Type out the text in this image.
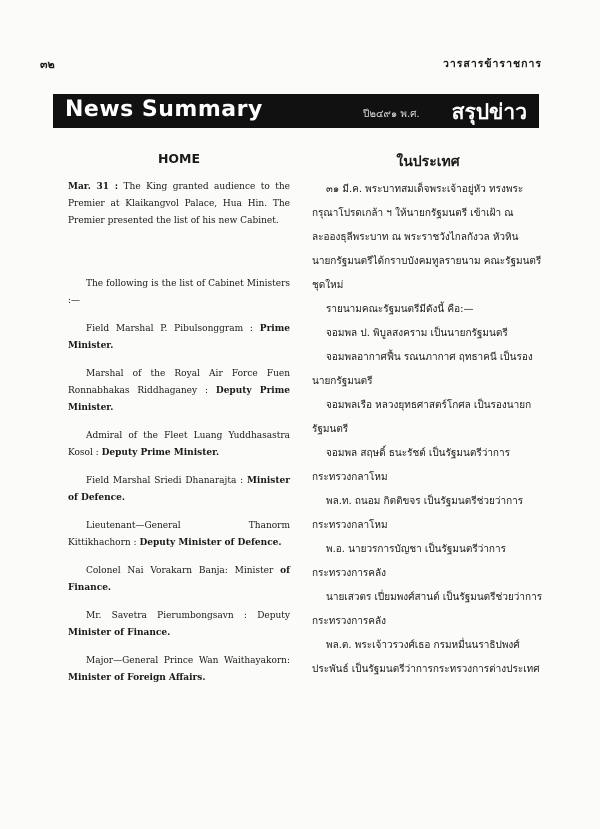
๓๒	วารสารข้าราชการ
News Summary	ปี๒๔๙๑ พ.ศ. สรุปข่าว
HOME

Mar. 31 : The King granted audience to the Premier at Klaikangvol Palace, Hua Hin. The Premier presented the list of his new Cabinet.

The following is the list of Cabinet Ministers :—

Field Marshal P. Pibulsonggram : Prime Minister.

Marshal of the Royal Air Force Fuen Ronnabhakas Riddhaganey : Deputy Prime Minister.

Admiral of the Fleet Luang Yuddhasastra Kosol : Deputy Prime Minister.

Field Marshal Sriedi Dhanarajta : Minister of Defence.

Lieutenant—General Thanorm Kittikhachorn : Deputy Minister of Defence.

Colonel Nai Vorakarn Banja: Minister of Finance.

Mr. Savetra Pierumbongsavn : Deputy Minister of Finance.

Major—General Prince Wan Waithayakorn: Minister of Foreign Affairs.

ในประเทศ

๓๑ มี.ค. พระบาทสมเด็จพระเจ้าอยู่หัว ทรงพระกรุณาโปรดเกล้า ฯ ให้นายกรัฐมนตรี เข้าเฝ้า ณ ละอองธุลีพระบาท ณ พระราชวังไกลกังวล หัวหิน นายกรัฐมนตรีได้กราบบังคมทูลรายนาม คณะรัฐมนตรีชุดใหม่

รายนามคณะรัฐมนตรีมีดังนี้ คือ:—

จอมพล ป. พิบูลสงคราม เป็นนายกรัฐมนตรี

จอมพลอากาศฟื้น รณนภากาศ ฤทธาคนี เป็นรองนายกรัฐมนตรี

จอมพลเรือ หลวงยุทธศาสตร์โกศล เป็นรองนายกรัฐมนตรี

จอมพล สฤษดิ์ ธนะรัชต์ เป็นรัฐมนตรีว่าการกระทรวงกลาโหม

พล.ท. ถนอม กิตติขจร เป็นรัฐมนตรีช่วยว่าการกระทรวงกลาโหม

พ.อ. นายวรการบัญชา เป็นรัฐมนตรีว่าการกระทรวงการคลัง

นายเสวตร เปี่ยมพงศ์สานต์ เป็นรัฐมนตรีช่วยว่าการกระทรวงการคลัง

พล.ต. พระเจ้าวรวงศ์เธอ กรมหมื่นนราธิปพงศ์ประพันธ์ เป็นรัฐมนตรีว่าการกระทรวงการต่างประเทศ
